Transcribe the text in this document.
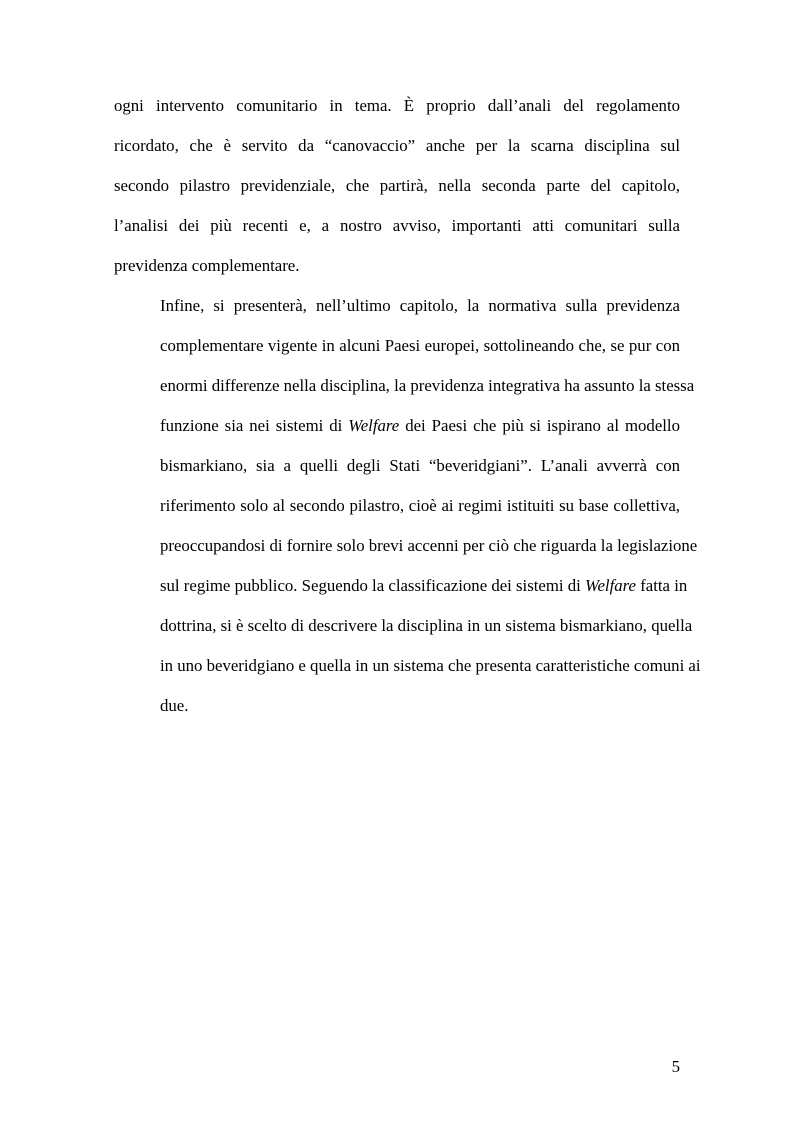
ogni intervento comunitario in tema. È proprio dall’anali del regolamento
ricordato, che è servito da “canovaccio” anche per la scarna disciplina sul
secondo pilastro previdenziale, che partirà, nella seconda parte del capitolo,
l’analisi dei più recenti e, a nostro avviso, importanti atti comunitari sulla
previdenza complementare.

Infine, si presenterà, nell’ultimo capitolo, la normativa sulla previdenza
complementare vigente in alcuni Paesi europei, sottolineando che, se pur con
enormi differenze nella disciplina, la previdenza integrativa ha assunto la stessa
funzione sia nei sistemi di Welfare dei Paesi che più si ispirano al modello
bismarkiano, sia a quelli degli Stati “beveridgiani”. L’anali avverrà con
riferimento solo al secondo pilastro, cioè ai regimi istituiti su base collettiva,
preoccupandosi di fornire solo brevi accenni per ciò che riguarda la legislazione
sul regime pubblico. Seguendo la classificazione dei sistemi di Welfare fatta in
dottrina, si è scelto di descrivere la disciplina in un sistema bismarkiano, quella
in uno beveridgiano e quella in un sistema che presenta caratteristiche comuni ai
due.

5
